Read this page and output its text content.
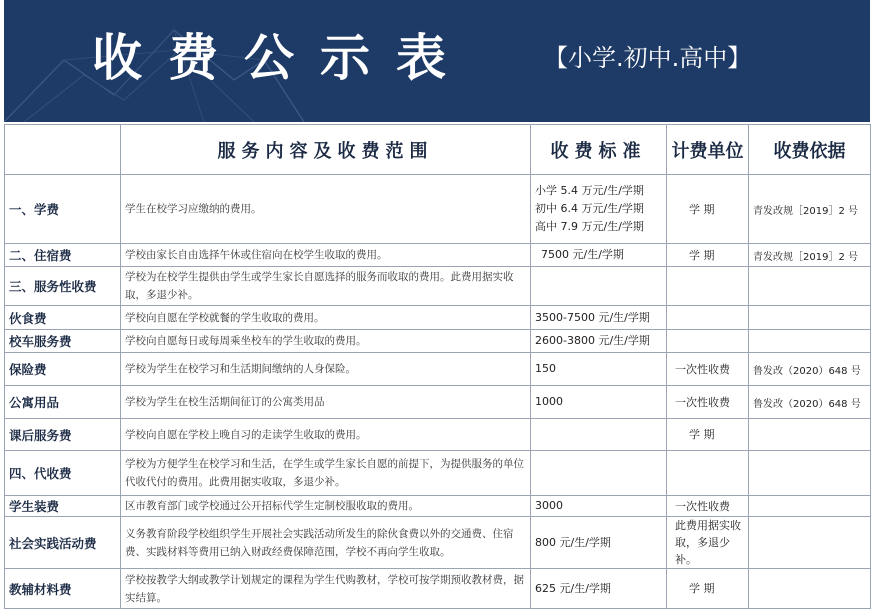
收费公示表	【小学.初中.高中】
	服务内容及收费范围	收费标准	计费单位	收费依据
一、学费	学生在校学习应缴纳的费用。	小学 5.4 万元/生/学期
初中 6.4 万元/生/学期
高中 7.9 万元/生/学期	学 期	青发改规［2019］2 号
二、住宿费	学校由家长自由选择午休或住宿向在校学生收取的费用。	7500 元/生/学期	学 期	青发改规［2019］2 号
三、服务性收费	学校为在校学生提供由学生或学生家长自愿选择的服务而收取的费用。此费用据实收取，多退少补。			
伙食费	学校向自愿在学校就餐的学生收取的费用。	3500-7500 元/生/学期		
校车服务费	学校向自愿每日或每周乘坐校车的学生收取的费用。	2600-3800 元/生/学期		
保险费	学校为学生在校学习和生活期间缴纳的人身保险。	150	一次性收费	鲁发改（2020）648 号
公寓用品	学校为学生在校生活期间征订的公寓类用品	1000	一次性收费	鲁发改（2020）648 号
课后服务费	学校向自愿在学校上晚自习的走读学生收取的费用。		学 期	
四、代收费	学校为方便学生在校学习和生活，在学生或学生家长自愿的前提下，为提供服务的单位代收代付的费用。此费用据实收取，多退少补。			
学生装费	区市教育部门或学校通过公开招标代学生定制校服收取的费用。	3000	一次性收费	
社会实践活动费	义务教育阶段学校组织学生开展社会实践活动所发生的除伙食费以外的交通费、住宿费、实践材料等费用已纳入财政经费保障范围，学校不再向学生收取。	800 元/生/学期	此费用据实收取，多退少补。	
教辅材料费	学校按教学大纲或教学计划规定的课程为学生代购教材，学校可按学期预收教材费，据实结算。	625 元/生/学期	学 期	
